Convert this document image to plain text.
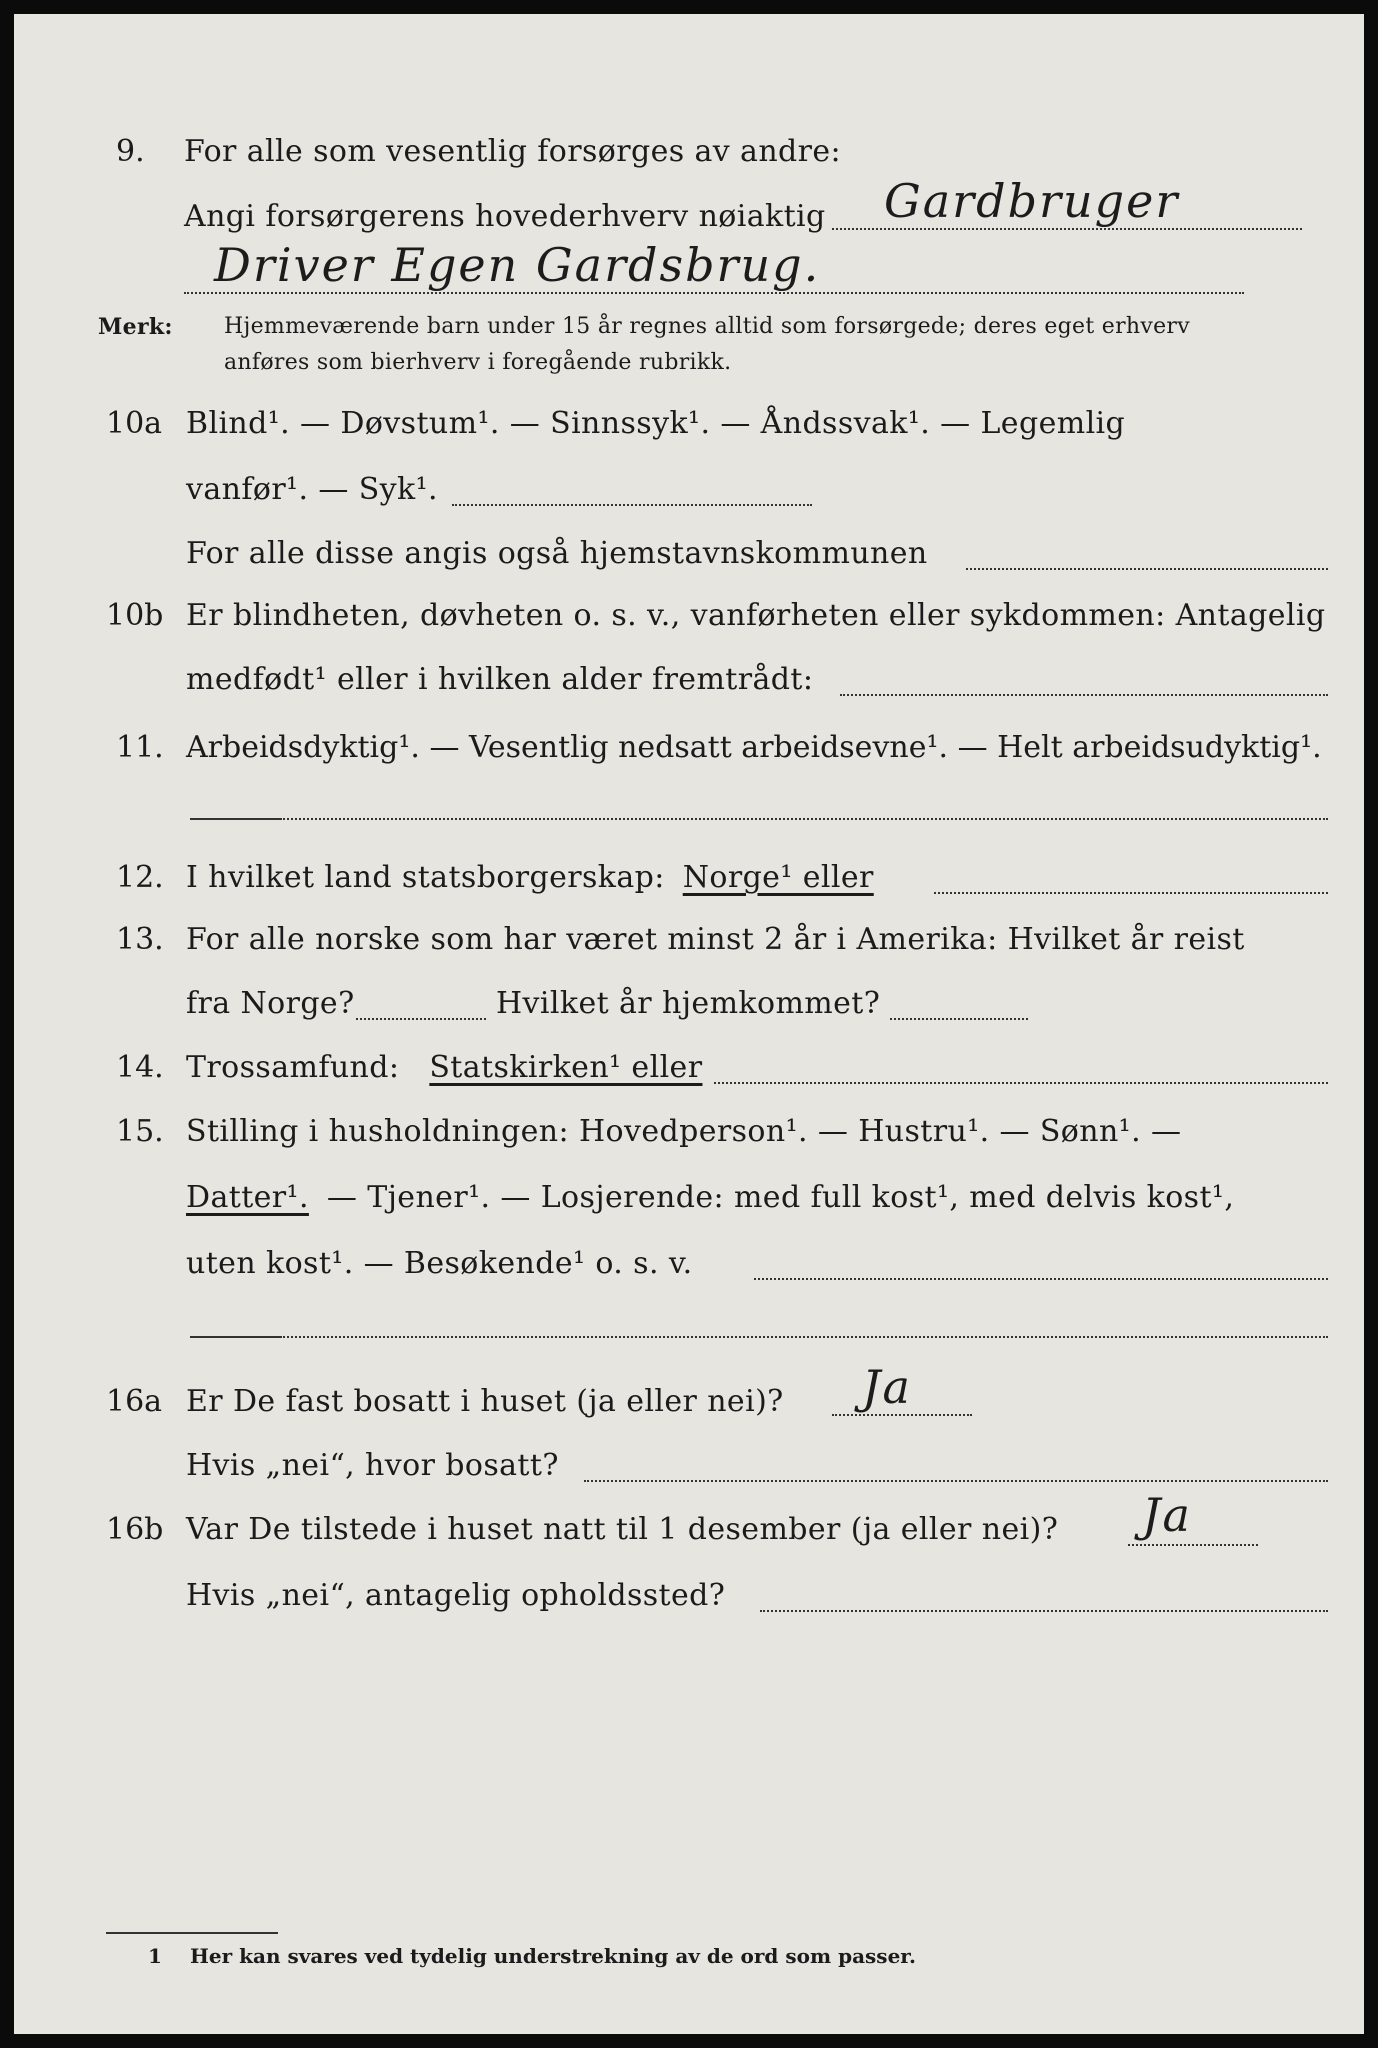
9. For alle som vesentlig forsørges av andre:
Angi forsørgerens hovederhverv nøiaktig Gardbruger
Driver Egen Gardsbrug.
Merk: Hjemmeværende barn under 15 år regnes alltid som forsørgede; deres eget erhverv
anføres som bierhverv i foregående rubrikk.
10a Blind¹. — Døvstum¹. — Sinnssyk¹. — Åndssvak¹. — Legemlig
vanfør¹. — Syk¹.
For alle disse angis også hjemstavnskommunen
10b Er blindheten, døvheten o. s. v., vanførheten eller sykdommen: Antagelig
medfødt¹ eller i hvilken alder fremtrådt:
11. Arbeidsdyktig¹. — Vesentlig nedsatt arbeidsevne¹. — Helt arbeidsudyktig¹.
12. I hvilket land statsborgerskap: Norge¹ eller
13. For alle norske som har været minst 2 år i Amerika: Hvilket år reist
fra Norge?	Hvilket år hjemkommet?
14. Trossamfund: Statskirken¹ eller
15. Stilling i husholdningen: Hovedperson¹. — Hustru¹. — Sønn¹. —
Datter¹. — Tjener¹. — Losjerende: med full kost¹, med delvis kost¹,
uten kost¹. — Besøkende¹ o. s. v.
16a Er De fast bosatt i huset (ja eller nei)? Ja
Hvis „nei“, hvor bosatt?
16b Var De tilstede i huset natt til 1 desember (ja eller nei)? Ja
Hvis „nei“, antagelig opholdssted?
1 Her kan svares ved tydelig understrekning av de ord som passer.
